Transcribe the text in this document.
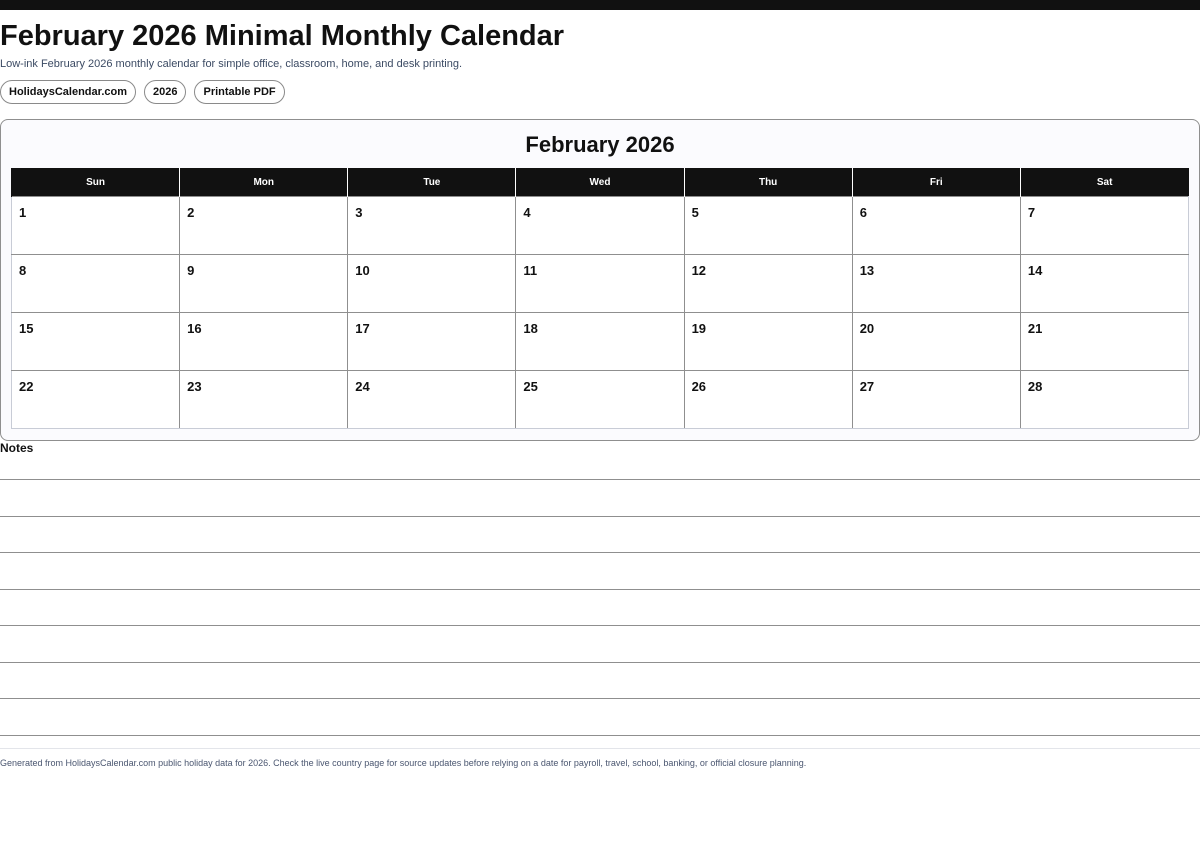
February 2026 Minimal Monthly Calendar
Low-ink February 2026 monthly calendar for simple office, classroom, home, and desk printing.
HolidaysCalendar.com	2026	Printable PDF
February 2026
Sun	Mon	Tue	Wed	Thu	Fri	Sat

1	2	3	4	5	6	7

8	9	10	11	12	13	14

15	16	17	18	19	20	21

22	23	24	25	26	27	28
Notes
Generated from HolidaysCalendar.com public holiday data for 2026. Check the live country page for source updates before relying on a date for payroll, travel, school, banking, or official closure planning.
